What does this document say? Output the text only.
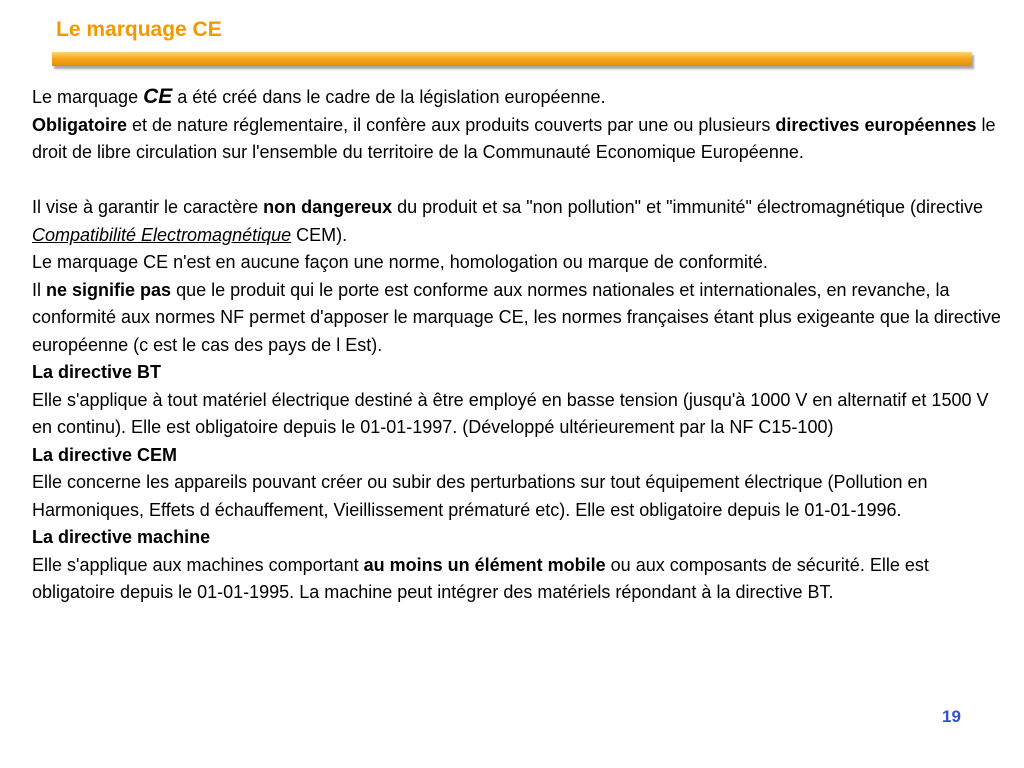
Le marquage CE

Le marquage CE a été créé dans le cadre de la législation européenne.

Obligatoire et de nature réglementaire, il confère aux produits couverts par une ou plusieurs directives européennes le droit de libre circulation sur l'ensemble du territoire de la Communauté Economique Européenne.

Il vise à garantir le caractère non dangereux du produit et sa "non pollution" et "immunité" électromagnétique (directive Compatibilité Electromagnétique CEM).

Le marquage CE n'est en aucune façon une norme, homologation ou marque de conformité.

Il ne signifie pas que le produit qui le porte est conforme aux normes nationales et internationales, en revanche, la conformité aux normes NF permet d'apposer le marquage CE, les normes françaises étant plus exigeante que la directive européenne (c est le cas des pays de l Est).

La directive BT

Elle s'applique à tout matériel électrique destiné à être employé en basse tension (jusqu'à 1000 V en alternatif et 1500 V en continu). Elle est obligatoire depuis le 01-01-1997. (Développé ultérieurement par la NF C15-100)

La directive CEM

Elle concerne les appareils pouvant créer ou subir des perturbations sur tout équipement électrique (Pollution en Harmoniques, Effets d échauffement, Vieillissement prématuré etc). Elle est obligatoire depuis le 01-01-1996.

La directive machine

Elle s'applique aux machines comportant au moins un élément mobile ou aux composants de sécurité. Elle est obligatoire depuis le 01-01-1995. La machine peut intégrer des matériels répondant à la directive BT.

19
